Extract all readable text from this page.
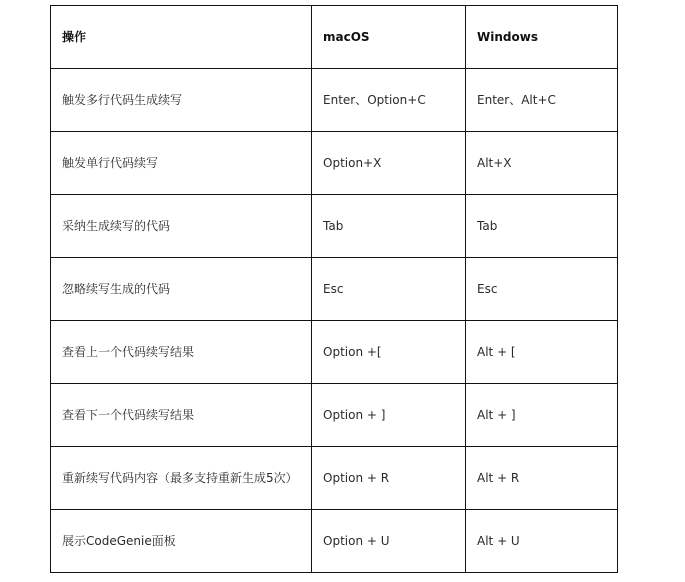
操作	macOS	Windows
触发多行代码生成续写	Enter、Option+C	Enter、Alt+C
触发单行代码续写	Option+X	Alt+X
采纳生成续写的代码	Tab	Tab
忽略续写生成的代码	Esc	Esc
查看上一个代码续写结果	Option +[	Alt + [
查看下一个代码续写结果	Option + ]	Alt + ]
重新续写代码内容（最多支持重新生成5次）	Option + R	Alt + R
展示CodeGenie面板	Option + U	Alt + U
